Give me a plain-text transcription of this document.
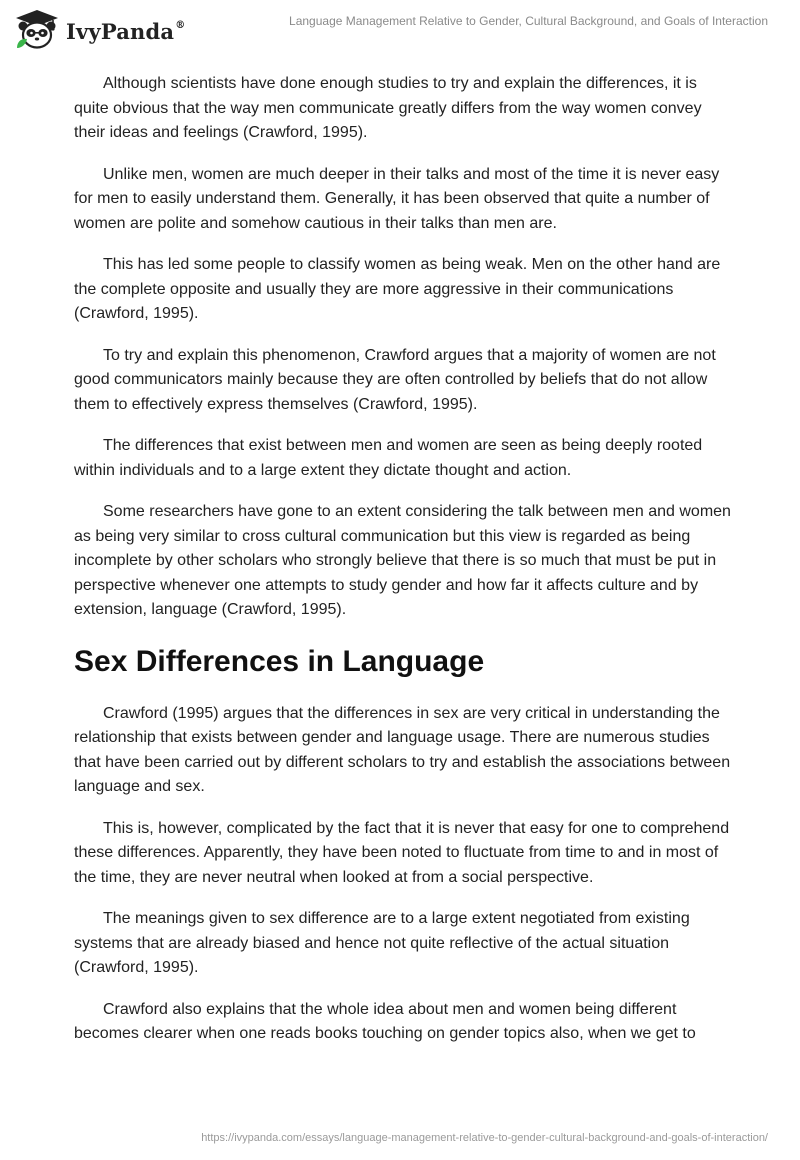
IvyPanda®	Language Management Relative to Gender, Cultural Background, and Goals of Interaction

Although scientists have done enough studies to try and explain the differences, it is quite obvious that the way men communicate greatly differs from the way women convey their ideas and feelings (Crawford, 1995).

Unlike men, women are much deeper in their talks and most of the time it is never easy for men to easily understand them. Generally, it has been observed that quite a number of women are polite and somehow cautious in their talks than men are.

This has led some people to classify women as being weak. Men on the other hand are the complete opposite and usually they are more aggressive in their communications (Crawford, 1995).

To try and explain this phenomenon, Crawford argues that a majority of women are not good communicators mainly because they are often controlled by beliefs that do not allow them to effectively express themselves (Crawford, 1995).

The differences that exist between men and women are seen as being deeply rooted within individuals and to a large extent they dictate thought and action.

Some researchers have gone to an extent considering the talk between men and women as being very similar to cross cultural communication but this view is regarded as being incomplete by other scholars who strongly believe that there is so much that must be put in perspective whenever one attempts to study gender and how far it affects culture and by extension, language (Crawford, 1995).

Sex Differences in Language

Crawford (1995) argues that the differences in sex are very critical in understanding the relationship that exists between gender and language usage. There are numerous studies that have been carried out by different scholars to try and establish the associations between language and sex.

This is, however, complicated by the fact that it is never that easy for one to comprehend these differences. Apparently, they have been noted to fluctuate from time to and in most of the time, they are never neutral when looked at from a social perspective.

The meanings given to sex difference are to a large extent negotiated from existing systems that are already biased and hence not quite reflective of the actual situation (Crawford, 1995).

Crawford also explains that the whole idea about men and women being different becomes clearer when one reads books touching on gender topics also, when we get to

https://ivypanda.com/essays/language-management-relative-to-gender-cultural-background-and-goals-of-interaction/
